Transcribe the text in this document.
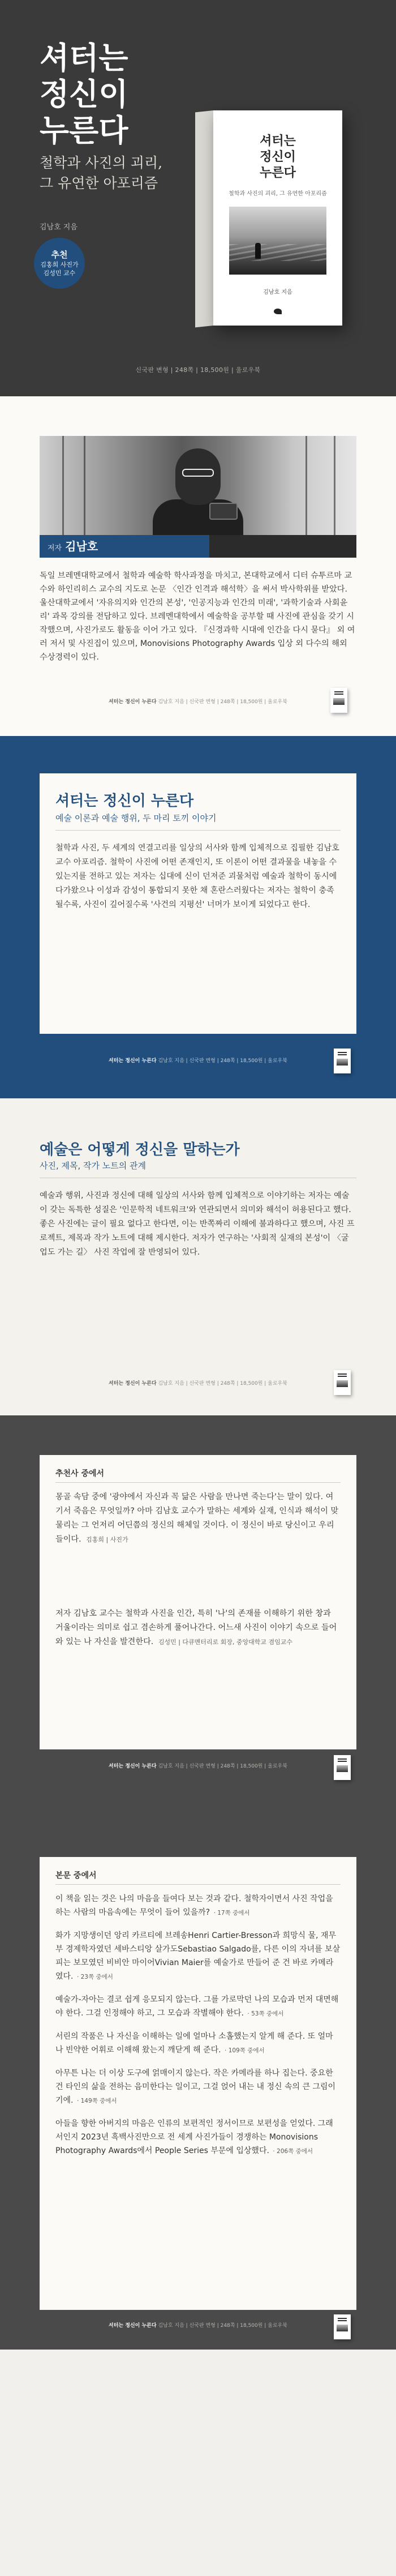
셔터는
정신이
누른다
철학과 사진의 괴리,
그 유연한 아포리즘
김남호 지음
추천
김홍희 사진가
김성민 교수
셔터는
정신이
누른다
철학과 사진의 괴리, 그 유연한 아포리즘
김남호 지음
신국판 변형 | 248쪽 | 18,500원 | 울로우북
저자 김남호

독일 브레멘대학교에서 철학과 예술학 학사과정을 마치고, 본대학교에서 디터 슈투르마 교수와 하인리히스 교수의 지도로 논문 〈인간 인격과 해석학〉을 써서 박사학위를 받았다. 울산대학교에서 '자유의지와 인간의 본성', '인공지능과 인간의 미래', '과학기술과 사회윤리' 과목 강의를 전담하고 있다. 브레멘대학에서 예술학을 공부할 때 사진에 관심을 갖기 시작했으며, 사진가로도 활동을 이어 가고 있다. 『신경과학 시대에 인간을 다시 묻다』 외 여러 저서 및 사진집이 있으며, Monovisions Photography Awards 입상 외 다수의 해외 수상경력이 있다.

셔터는 정신이 누른다 김남호 지음 | 신국판 변형 | 248쪽 | 18,500원 | 울로우북
셔터는 정신이 누른다
예술 이론과 예술 행위, 두 마리 토끼 이야기

철학과 사진, 두 세계의 연결고리를 일상의 서사와 함께 입체적으로 집필한 김남호 교수 아포리즘. 철학이 사진에 어떤 존재인지, 또 이론이 어떤 결과물을 내놓을 수 있는지를 전하고 있는 저자는 십대에 신이 던져준 괴물처럼 예술과 철학이 동시에 다가왔으나 이성과 감성이 통합되지 못한 채 혼란스러웠다는 저자는 철학이 충족될수록, 사진이 깊어질수록 '사건의 지평선' 너머가 보이게 되었다고 한다.

셔터는 정신이 누른다 김남호 지음 | 신국판 변형 | 248쪽 | 18,500원 | 울로우북
예술은 어떻게 정신을 말하는가
사진, 제목, 작가 노트의 관계

예술과 행위, 사진과 정신에 대해 일상의 서사와 함께 입체적으로 이야기하는 저자는 예술이 갖는 독특한 성질은 '인문학적 네트워크'와 연관되면서 의미와 해석이 허용된다고 했다. 좋은 사진에는 글이 필요 없다고 한다면, 이는 반쪽짜리 이해에 불과하다고 했으며, 사진 프로젝트, 제목과 작가 노트에 대해 제시한다. 저자가 연구하는 '사회적 실재의 본성'이 〈굴업도 가는 길〉 사진 작업에 잘 반영되어 있다.

셔터는 정신이 누른다 김남호 지음 | 신국판 변형 | 248쪽 | 18,500원 | 울로우북
추천사 중에서

몽골 속담 중에 '광야에서 자신과 꼭 닮은 사람을 만나면 죽는다'는 말이 있다. 여기서 죽음은 무엇일까? 아마 김남호 교수가 말하는 세계와 실재, 인식과 해석이 맞물리는 그 언저리 어딘쯤의 정신의 해체일 것이다. 이 정신이 바로 당신이고 우리들이다. 김홍희 | 사진가

저자 김남호 교수는 철학과 사진을 인간, 특히 '나'의 존재를 이해하기 위한 창과 거울이라는 의미로 쉽고 겸손하게 풀어나간다. 어느새 사진이 이야기 속으로 들어와 있는 나 자신을 발견한다. 김성민 | 다큐멘터리로 회장, 중앙대학교 겸임교수

셔터는 정신이 누른다 김남호 지음 | 신국판 변형 | 248쪽 | 18,500원 | 울로우북
본문 중에서

이 책을 읽는 것은 나의 마음을 들여다 보는 것과 같다. 철학자이면서 사진 작업을 하는 사람의 마음속에는 무엇이 들어 있을까? · 17쪽 중에서

화가 지망생이던 앙리 카르티에 브레송Henri Cartier-Bresson과 희망식 물, 재무부 경제학자였던 세바스티앙 살가도Sebastiao Salgado를, 다른 이의 자녀를 보살피는 보모였던 비비안 마이어Vivian Maier를 예술가로 만들어 준 건 바로 카메라였다. · 23쪽 중에서

예술가-자아는 결코 쉽게 응모되지 않는다. 그를 가로막던 나의 모습과 먼저 대면해야 한다. 그걸 인정해야 하고, 그 모습과 작별해야 한다. · 53쪽 중에서

서린의 작품은 나 자신을 이해하는 일에 얼마나 소홀했는지 알게 해 준다. 또 얼마나 빈약한 어휘로 이해해 왔는지 깨닫게 해 준다. · 109쪽 중에서

아무튼 나는 더 이상 도구에 얽매이지 않는다. 작은 카메라를 하나 집는다. 중요한 건 타인의 삶을 전하는 음미한다는 일이고, 그걸 얹어 내는 내 정신 속의 큰 그림이기에. · 149쪽 중에서

아들을 향한 아버지의 마음은 인류의 보편적인 정서이므로 보편성을 얻었다. 그래서인지 2023년 흑백사진만으로 전 세계 사진가들이 경쟁하는 Monovisions Photography Awards에서 People Series 부문에 입상했다. · 206쪽 중에서

셔터는 정신이 누른다 김남호 지음 | 신국판 변형 | 248쪽 | 18,500원 | 울로우북
